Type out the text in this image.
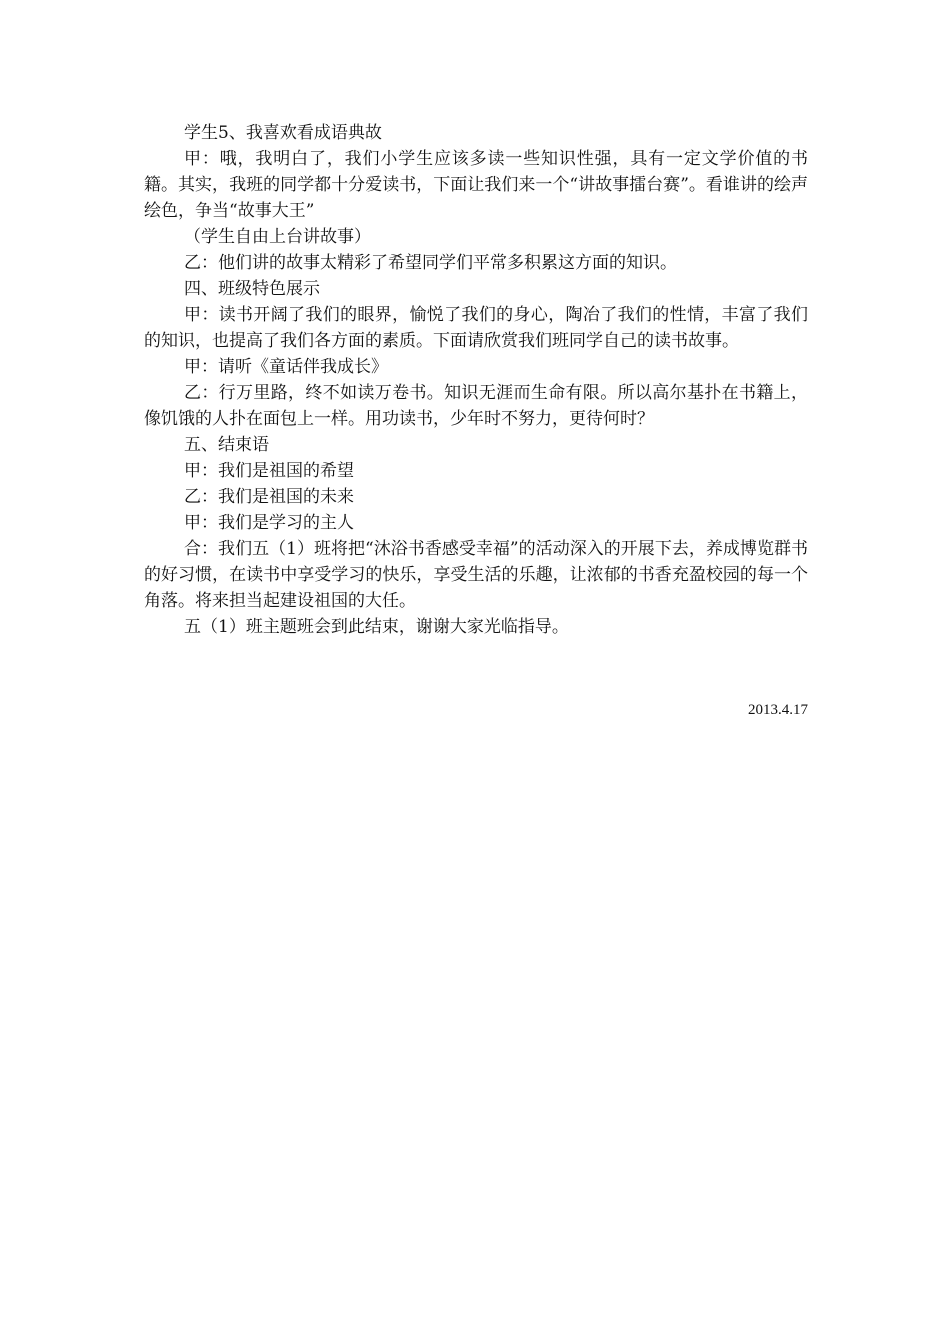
学生5、我喜欢看成语典故

甲：哦，我明白了，我们小学生应该多读一些知识性强，具有一定文学价值的书籍。其实，我班的同学都十分爱读书，下面让我们来一个“讲故事擂台赛”。看谁讲的绘声绘色，争当“故事大王”

（学生自由上台讲故事）

乙：他们讲的故事太精彩了希望同学们平常多积累这方面的知识。

四、班级特色展示

甲：读书开阔了我们的眼界，愉悦了我们的身心，陶冶了我们的性情，丰富了我们的知识，也提高了我们各方面的素质。下面请欣赏我们班同学自己的读书故事。

甲：请听《童话伴我成长》

乙：行万里路，终不如读万卷书。知识无涯而生命有限。所以高尔基扑在书籍上，像饥饿的人扑在面包上一样。用功读书，少年时不努力，更待何时？

五、结束语

甲：我们是祖国的希望

乙：我们是祖国的未来

甲：我们是学习的主人

合：我们五（1）班将把“沐浴书香感受幸福”的活动深入的开展下去，养成博览群书的好习惯，在读书中享受学习的快乐，享受生活的乐趣，让浓郁的书香充盈校园的每一个角落。将来担当起建设祖国的大任。

五（1）班主题班会到此结束，谢谢大家光临指导。

2013.4.17
